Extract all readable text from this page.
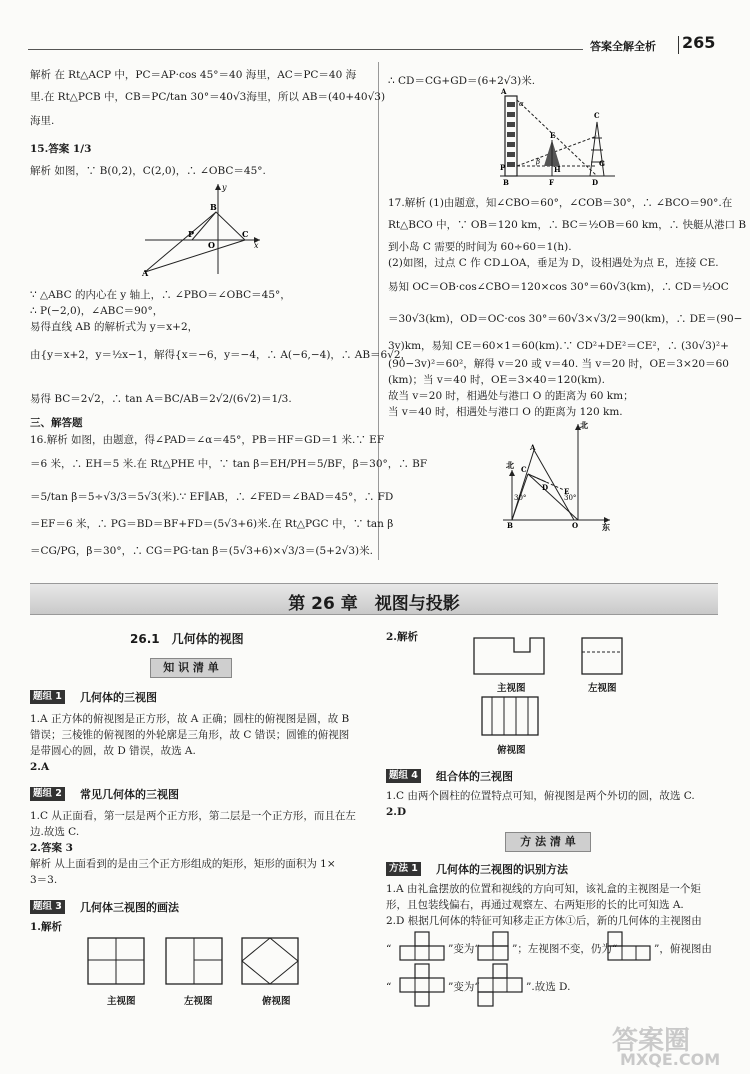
答案全解全析 265
解析 在 Rt△ACP 中，PC＝AP·cos 45°＝40 海里，AC＝PC＝40 海
里.在 Rt△PCB 中，CB＝PC/tan 30°＝40√3海里，所以 AB＝(40+40√3)
海里.
15.答案 1/3
解析 如图，∵ B(0,2)，C(2,0)，∴ ∠OBC＝45°.
y
x
B
P
O
C
A
∵ △ABC 的内心在 y 轴上，∴ ∠PBO＝∠OBC＝45°，
∴ P(−2,0)，∠ABC＝90°，
易得直线 AB 的解析式为 y＝x+2，
由{y＝x+2，y＝½x−1，解得{x＝−6，y＝−4，∴ A(−6,−4)，∴ AB＝6√2，
易得 BC＝2√2，∴ tan A＝BC/AB＝2√2/(6√2)＝1/3.
三、解答题
16.解析 如图，由题意，得∠PAD＝∠α＝45°，PB＝HF＝GD＝1 米.∵ EF
＝6 米，∴ EH＝5 米.在 Rt△PHE 中，∵ tan β＝EH/PH＝5/BF，β＝30°，∴ BF
＝5/tan β＝5÷√3/3＝5√3(米).∵ EF∥AB，∴ ∠FED＝∠BAD＝45°，∴ FD
＝EF＝6 米，∴ PG＝BD＝BF+FD＝(5√3+6)米.在 Rt△PGC 中，∵ tan β
＝CG/PG，β＝30°，∴ CG＝PG·tan β＝(5√3+6)×√3/3＝(5+2√3)米.
∴ CD＝CG+GD＝(6+2√3)米.
A
α
E
C
G
β
B	F	D
P	H
17.解析 (1)由题意，知∠CBO＝60°，∠COB＝30°，∴ ∠BCO＝90°.在
Rt△BCO 中，∵ OB＝120 km，∴ BC＝½OB＝60 km，∴ 快艇从港口 B
到小岛 C 需要的时间为 60÷60＝1(h).
(2)如图，过点 C 作 CD⊥OA，垂足为 D，设相遇处为点 E，连接 CE.
易知 OC＝OB·cos∠CBO＝120×cos 30°＝60√3(km)，∴ CD＝½OC
＝30√3(km)，OD＝OC·cos 30°＝60√3×√3/2＝90(km)，∴ DE＝(90−
3v)km，易知 CE＝60×1＝60(km).∵ CD²+DE²＝CE²，∴ (30√3)²+
(90−3v)²＝60²，解得 v＝20 或 v＝40. 当 v＝20 时，OE＝3×20＝60
(km)；当 v＝40 时，OE＝3×40＝120(km).
故当 v＝20 时，相遇处与港口 O 的距离为 60 km；
当 v＝40 时，相遇处与港口 O 的距离为 120 km.
北
北
东
A
C
B	O
E
D
30°	30°
第 26 章　视图与投影
26.1　几何体的视图
知 识 清 单
题组 1 几何体的三视图
1.A 正方体的俯视图是正方形，故 A 正确；圆柱的俯视图是圆，故 B
错误；三棱锥的俯视图的外轮廓是三角形，故 C 错误；圆锥的俯视图
是带圆心的圆，故 D 错误，故选 A.
2.A
题组 2 常见几何体的三视图
1.C 从正面看，第一层是两个正方形，第二层是一个正方形，而且在左
边.故选 C.
2.答案 3
解析 从上面看到的是由三个正方形组成的矩形，矩形的面积为 1×
3＝3.
题组 3 几何体三视图的画法
1.解析
主视图	左视图	俯视图
2.解析
主视图	左视图
俯视图
题组 4 组合体的三视图
1.C 由两个圆柱的位置特点可知，俯视图是两个外切的圆，故选 C.
2.D
方 法 清 单
方法 1 几何体的三视图的识别方法
1.A 由礼盒摆放的位置和视线的方向可知，该礼盒的主视图是一个矩
形，且包装线偏右，再通过观察左、右两矩形的长的比可知选 A.
2.D 根据几何体的特征可知移走正方体①后，新的几何体的主视图由
“	”变为“	”；左视图不变，仍为“	”，俯视图由
“	”变为“	”.故选 D.
答案圈
MXQE.COM
